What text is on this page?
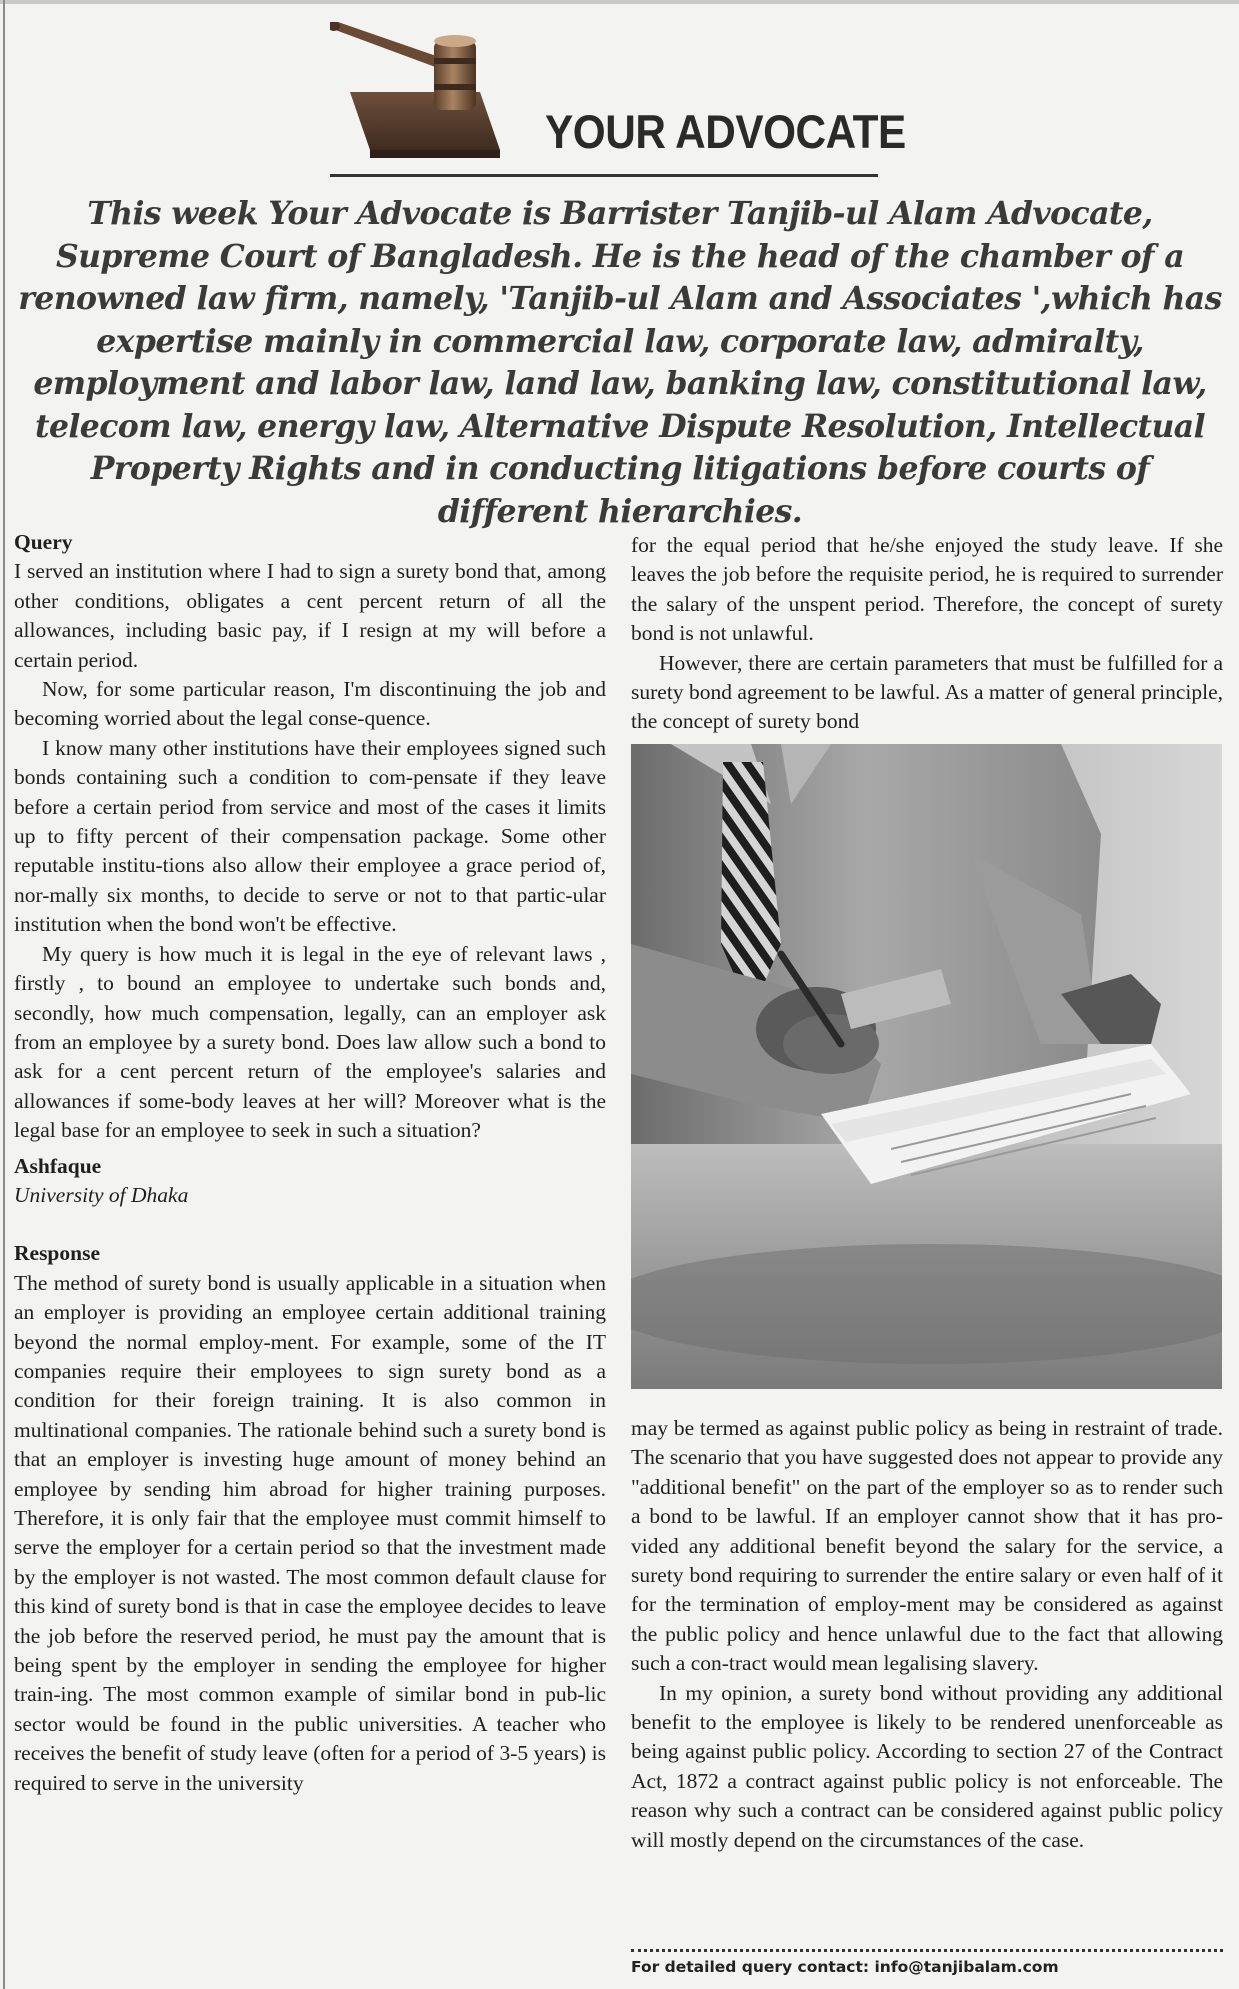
YOUR ADVOCATE
This week Your Advocate is Barrister Tanjib-ul Alam Advocate, Supreme Court of Bangladesh. He is the head of the chamber of a renowned law firm, namely, 'Tanjib-ul Alam and Associates ',which has expertise mainly in commercial law, corporate law, admiralty, employment and labor law, land law, banking law, constitutional law, telecom law, energy law, Alternative Dispute Resolution, Intellectual Property Rights and in conducting litigations before courts of different hierarchies.

Query

I served an institution where I had to sign a surety bond that, among other conditions, obligates a cent percent return of all the allowances, including basic pay, if I resign at my will before a certain period.

Now, for some particular reason, I'm discontinuing the job and becoming worried about the legal conse-quence.

I know many other institutions have their employees signed such bonds containing such a condition to com-pensate if they leave before a certain period from service and most of the cases it limits up to fifty percent of their compensation package. Some other reputable institu-tions also allow their employee a grace period of, nor-mally six months, to decide to serve or not to that partic-ular institution when the bond won't be effective.

My query is how much it is legal in the eye of relevant laws , firstly , to bound an employee to undertake such bonds and, secondly, how much compensation, legally, can an employer ask from an employee by a surety bond. Does law allow such a bond to ask for a cent percent return of the employee's salaries and allowances if some-body leaves at her will? Moreover what is the legal base for an employee to seek in such a situation?

Ashfaque

University of Dhaka

Response

The method of surety bond is usually applicable in a situation when an employer is providing an employee certain additional training beyond the normal employ-ment. For example, some of the IT companies require their employees to sign surety bond as a condition for their foreign training. It is also common in multinational companies. The rationale behind such a surety bond is that an employer is investing huge amount of money behind an employee by sending him abroad for higher training purposes. Therefore, it is only fair that the employee must commit himself to serve the employer for a certain period so that the investment made by the employer is not wasted. The most common default clause for this kind of surety bond is that in case the employee decides to leave the job before the reserved period, he must pay the amount that is being spent by the employer in sending the employee for higher train-ing. The most common example of similar bond in pub-lic sector would be found in the public universities. A teacher who receives the benefit of study leave (often for a period of 3-5 years) is required to serve in the university

for the equal period that he/she enjoyed the study leave. If she leaves the job before the requisite period, he is required to surrender the salary of the unspent period. Therefore, the concept of surety bond is not unlawful.

However, there are certain parameters that must be fulfilled for a surety bond agreement to be lawful. As a matter of general principle, the concept of surety bond

may be termed as against public policy as being in restraint of trade. The scenario that you have suggested does not appear to provide any "additional benefit" on the part of the employer so as to render such a bond to be lawful. If an employer cannot show that it has pro-vided any additional benefit beyond the salary for the service, a surety bond requiring to surrender the entire salary or even half of it for the termination of employ-ment may be considered as against the public policy and hence unlawful due to the fact that allowing such a con-tract would mean legalising slavery.

In my opinion, a surety bond without providing any additional benefit to the employee is likely to be rendered unenforceable as being against public policy. According to section 27 of the Contract Act, 1872 a contract against public policy is not enforceable. The reason why such a contract can be considered against public policy will mostly depend on the circumstances of the case.

For detailed query contact: info@tanjibalam.com
